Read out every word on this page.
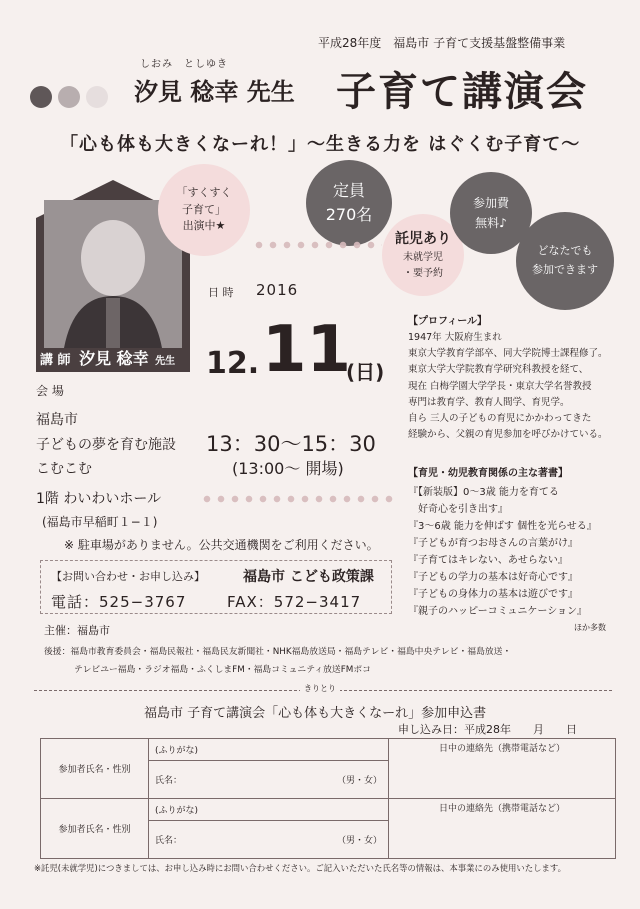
平成28年度　福島市 子育て支援基盤整備事業
しおみ　としゆき
汐見 稔幸 先生 子育て講演会
「心も体も大きくなーれ！」〜生きる力を はぐくむ子育て〜
講 師 汐見 稔幸 先生
「すくすく
子育て」
出演中★
定員
270名
託児あり
未就学児
・要予約
参加費
無料♪
どなたでも
参加できます
日 時 2016
12. 11
(日)
13：30〜15：30
(13:00〜 開場)
会 場
福島市
子どもの夢を育む施設
こむこむ
1階 わいわいホール
(福島市早稲町１−１)
※ 駐車場がありません。公共交通機関をご利用ください。
【プロフィール】
1947年 大阪府生まれ
東京大学教育学部卒、同大学院博士課程修了。
東京大学大学院教育学研究科教授を経て、
現在 白梅学園大学学長・東京大学名誉教授
専門は教育学、教育人間学、育児学。
自ら 三人の子どもの育児にかかわってきた
経験から、父親の育児参加を呼びかけている。
【育児・幼児教育関係の主な著書】
『【新装版】0〜3歳 能力を育てる
　好奇心を引き出す』
『3〜6歳 能力を伸ばす 個性を光らせる』
『子どもが育つお母さんの言葉がけ』
『子育てはキレない、あせらない』
『子どもの学力の基本は好奇心です』
『子どもの身体力の基本は遊びです』
『親子のハッピーコミュニケーション』
ほか多数
【お問い合わせ・お申し込み】	福島市 こども政策課
電話：525−3767	FAX：572−3417
主催：福島市
後援：福島市教育委員会・福島民報社・福島民友新聞社・NHK福島放送局・福島テレビ・福島中央テレビ・福島放送・
テレビユー福島・ラジオ福島・ふくしまFM・福島コミュニティ放送FMポコ
きりとり
福島市 子育て講演会「心も体も大きくなーれ」参加申込書
申し込み日：平成28年　　月　　日
参加者氏名・性別	(ふりがな)	日中の連絡先（携帯電話など）
	氏名： （男・女）	

参加者氏名・性別	(ふりがな)	日中の連絡先（携帯電話など）
	氏名： （男・女）	
※託児(未就学児)につきましては、お申し込み時にお問い合わせください。ご記入いただいた氏名等の情報は、本事業にのみ使用いたします。
